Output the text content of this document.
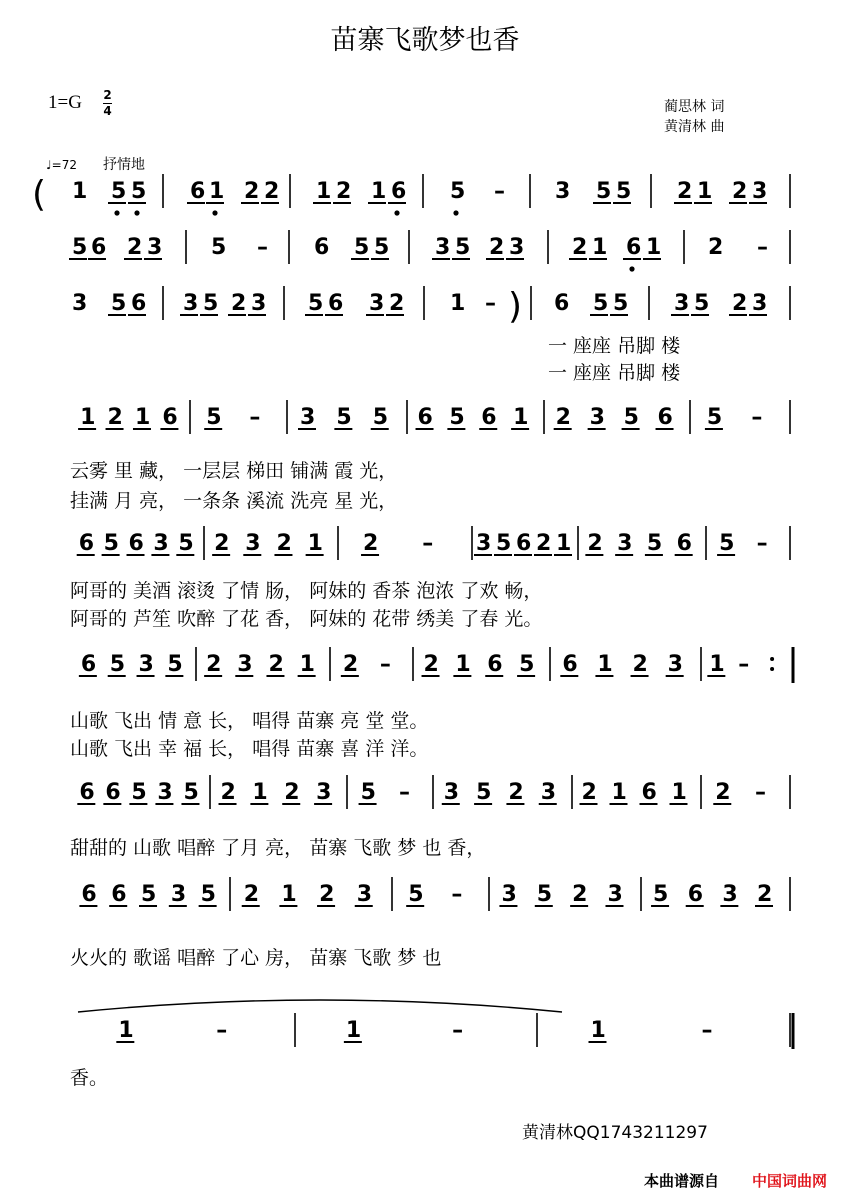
苗寨飞歌梦也香
1=G 2
4	蔺思林 词
黄清林 曲
♩=72 抒情地
( 1 5 5 6 1 2 2 1 2 1 6 5 – 3 5 5 2 1 2 3
5 6 2 3 5 – 6 5 5 3 5 2 3 2 1 6 1 2 –
3 5 6 3 5 2 3 5 6 3 2 1 – ) 6 5 5 3 5 2 3
1 2 1 6 5 – 3 5 5 6 5 6 1 2 3 5 6 5 –
6 5 6 3 5 2 3 2 1 2 – 3 5 6 2 1 2 3 5 6 5 –
6 5 3 5 2 3 2 1 2 – 2 1 6 5 6 1 2 3 1 –
6 6 5 3 5 2 1 2 3 5 – 3 5 2 3 2 1 6 1 2 –
6 6 5 3 5 2 1 2 3 5 – 3 5 2 3 5 6 3 2
1	–	1	–	1	–
一 座座 吊脚 楼
一 座座 吊脚 楼
云雾 里 藏， 一层层 梯田 铺满 霞 光，
挂满 月 亮， 一条条 溪流 洗亮 星 光，
阿哥的 美酒 滚烫 了情 肠， 阿妹的 香茶 泡浓 了欢 畅，
阿哥的 芦笙 吹醉 了花 香， 阿妹的 花带 绣美 了春 光。
山歌 飞出 情 意 长， 唱得 苗寨 亮 堂 堂。
山歌 飞出 幸 福 长， 唱得 苗寨 喜 洋 洋。
甜甜的 山歌 唱醉 了月 亮， 苗寨 飞歌 梦 也 香，
火火的 歌谣 唱醉 了心 房， 苗寨 飞歌 梦 也
香。
黄清林QQ1743211297
本曲谱源自 中国词曲网
